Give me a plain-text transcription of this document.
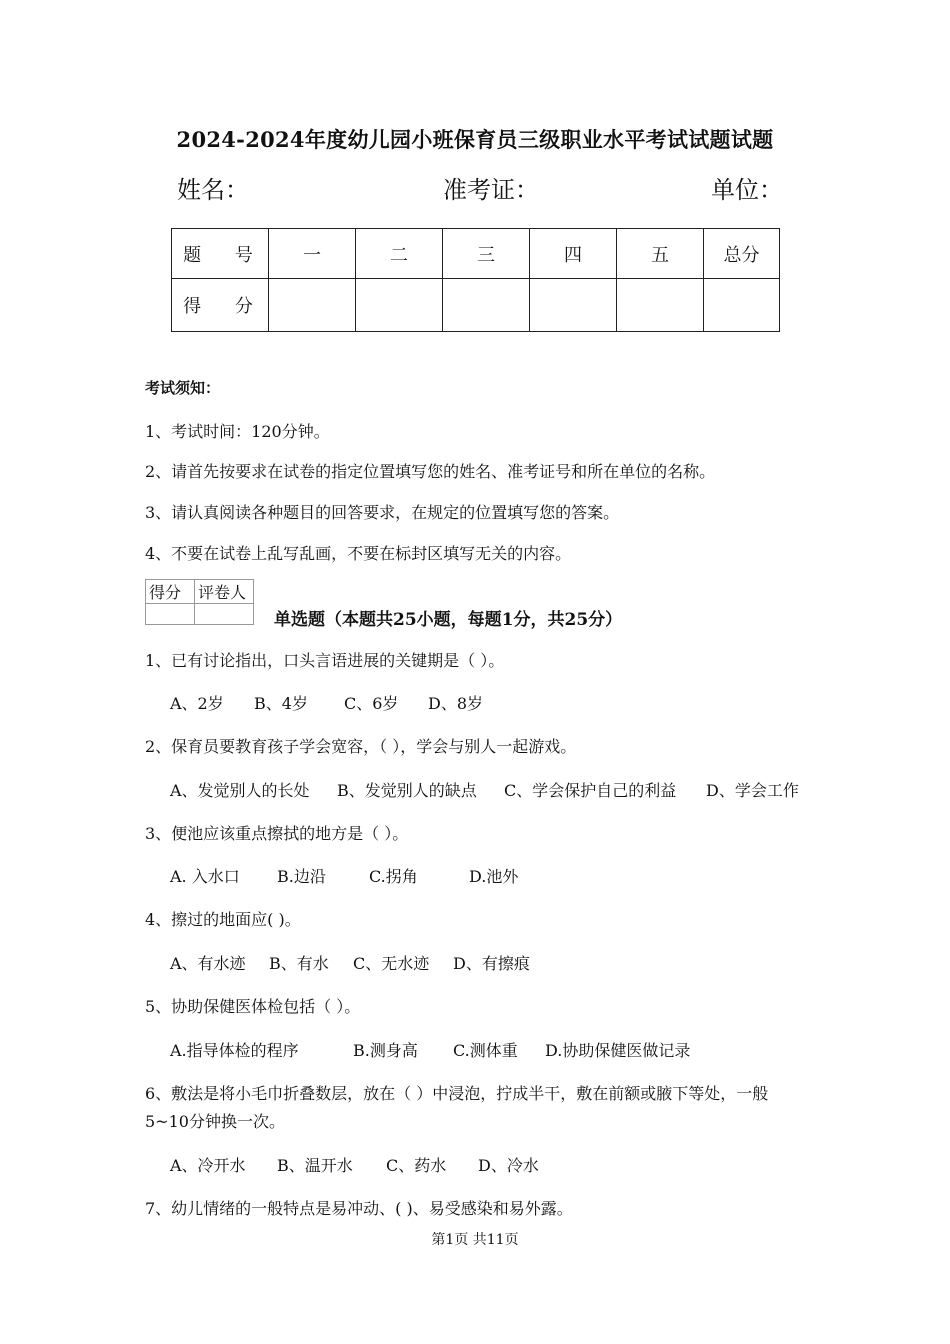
2024-2024年度幼儿园小班保育员三级职业水平考试试题试题
姓名：	准考证：	单位：
题 号	一	二	三	四	五	总分
得 分						
考试须知：
1、考试时间：120分钟。
2、请首先按要求在试卷的指定位置填写您的姓名、准考证号和所在单位的名称。
3、请认真阅读各种题目的回答要求，在规定的位置填写您的答案。
4、不要在试卷上乱写乱画，不要在标封区填写无关的内容。
得分	评卷人

单选题（本题共25小题，每题1分，共25分）
1、已有讨论指出，口头言语进展的关键期是（ ）。
A、2岁 B、4岁 C、6岁 D、8岁
2、保育员要教育孩子学会宽容，（ ），学会与别人一起游戏。
A、发觉别人的长处 B、发觉别人的缺点 C、学会保护自己的利益 D、学会工作
3、便池应该重点擦拭的地方是（ ）。
A. 入水口 B.边沿	C.拐角	D.池外
4、擦过的地面应( )。
A、有水迹 B、有水 C、无水迹 D、有擦痕
5、协助保健医体检包括（ ）。
A.指导体检的程序	B.测身高 C.测体重 D.协助保健医做记录
6、敷法是将小毛巾折叠数层，放在（ ）中浸泡，拧成半干，敷在前额或腋下等处，一般
5~10分钟换一次。
A、冷开水 B、温开水 C、药水 D、冷水
7、幼儿情绪的一般特点是易冲动、( )、易受感染和易外露。
第1页 共11页
